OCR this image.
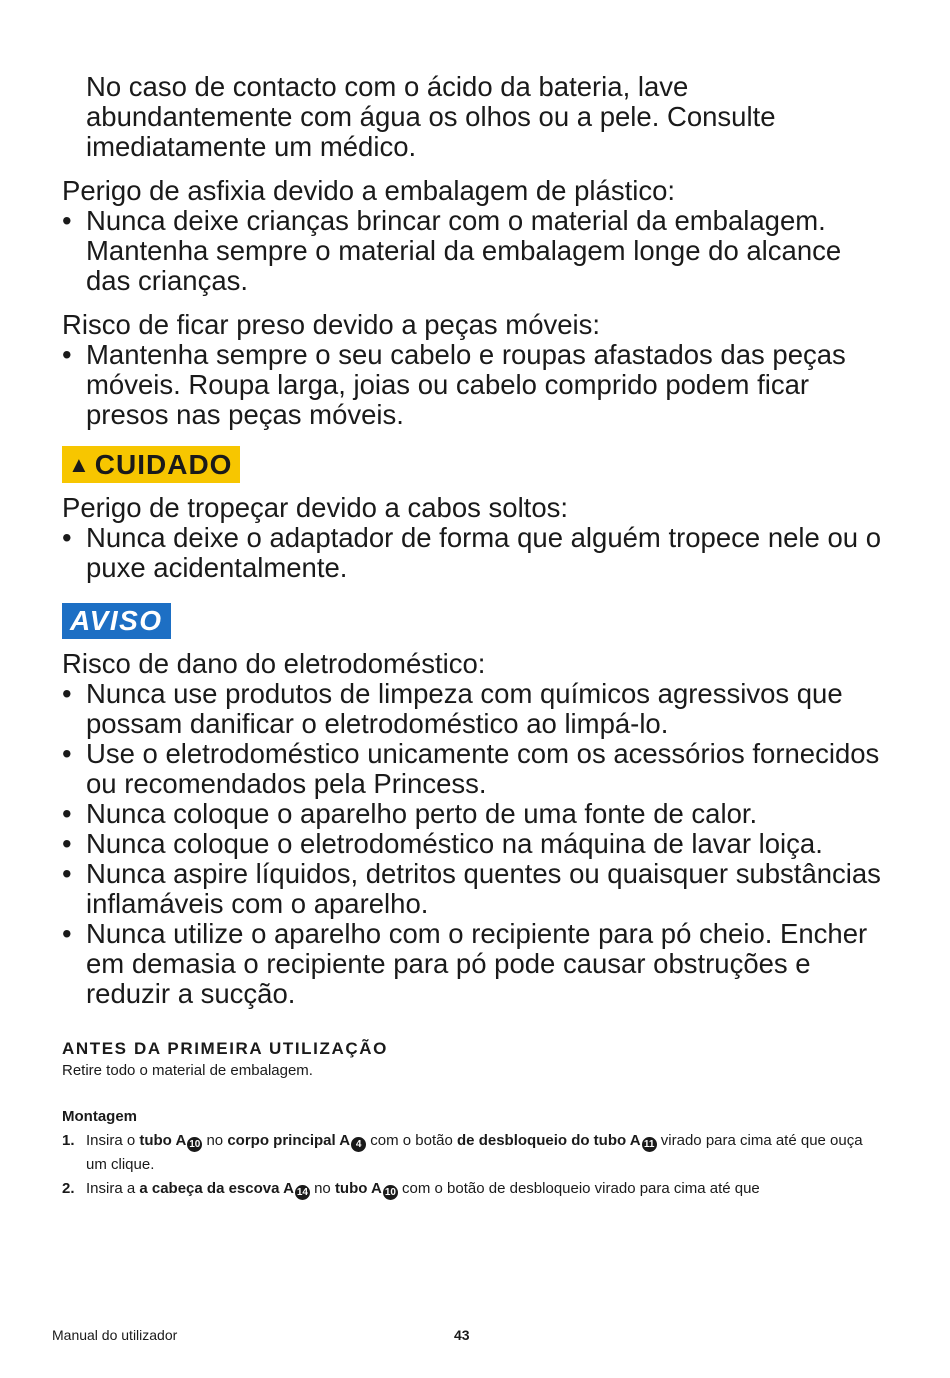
No caso de contacto com o ácido da bateria, lave abundantemente com água os olhos ou a pele. Consulte imediatamente um médico.

Perigo de asfixia devido a embalagem de plástico:

• Nunca deixe crianças brincar com o material da embalagem. Mantenha sempre o material da embalagem longe do alcance das crianças.

Risco de ficar preso devido a peças móveis:

• Mantenha sempre o seu cabelo e roupas afastados das peças móveis. Roupa larga, joias ou cabelo comprido podem ficar presos nas peças móveis.
▲ CUIDADO

Perigo de tropeçar devido a cabos soltos:

• Nunca deixe o adaptador de forma que alguém tropece nele ou o puxe acidentalmente.
AVISO

Risco de dano do eletrodoméstico:

• Nunca use produtos de limpeza com químicos agressivos que possam danificar o eletrodoméstico ao limpá-lo.
• Use o eletrodoméstico unicamente com os acessórios fornecidos ou recomendados pela Princess.
• Nunca coloque o aparelho perto de uma fonte de calor.
• Nunca coloque o eletrodoméstico na máquina de lavar loiça.
• Nunca aspire líquidos, detritos quentes ou quaisquer substâncias inflamáveis com o aparelho.
• Nunca utilize o aparelho com o recipiente para pó cheio. Encher em demasia o recipiente para pó pode causar obstruções e reduzir a sucção.
ANTES DA PRIMEIRA UTILIZAÇÃO
Retire todo o material de embalagem.
Montagem
1. Insira o tubo A 10 no corpo principal A 4 com o botão de desbloqueio do tubo A 11 virado para cima até que ouça um clique.
2. Insira a a cabeça da escova A 14 no tubo A 10 com o botão de desbloqueio virado para cima até que
Manual do utilizador	43
